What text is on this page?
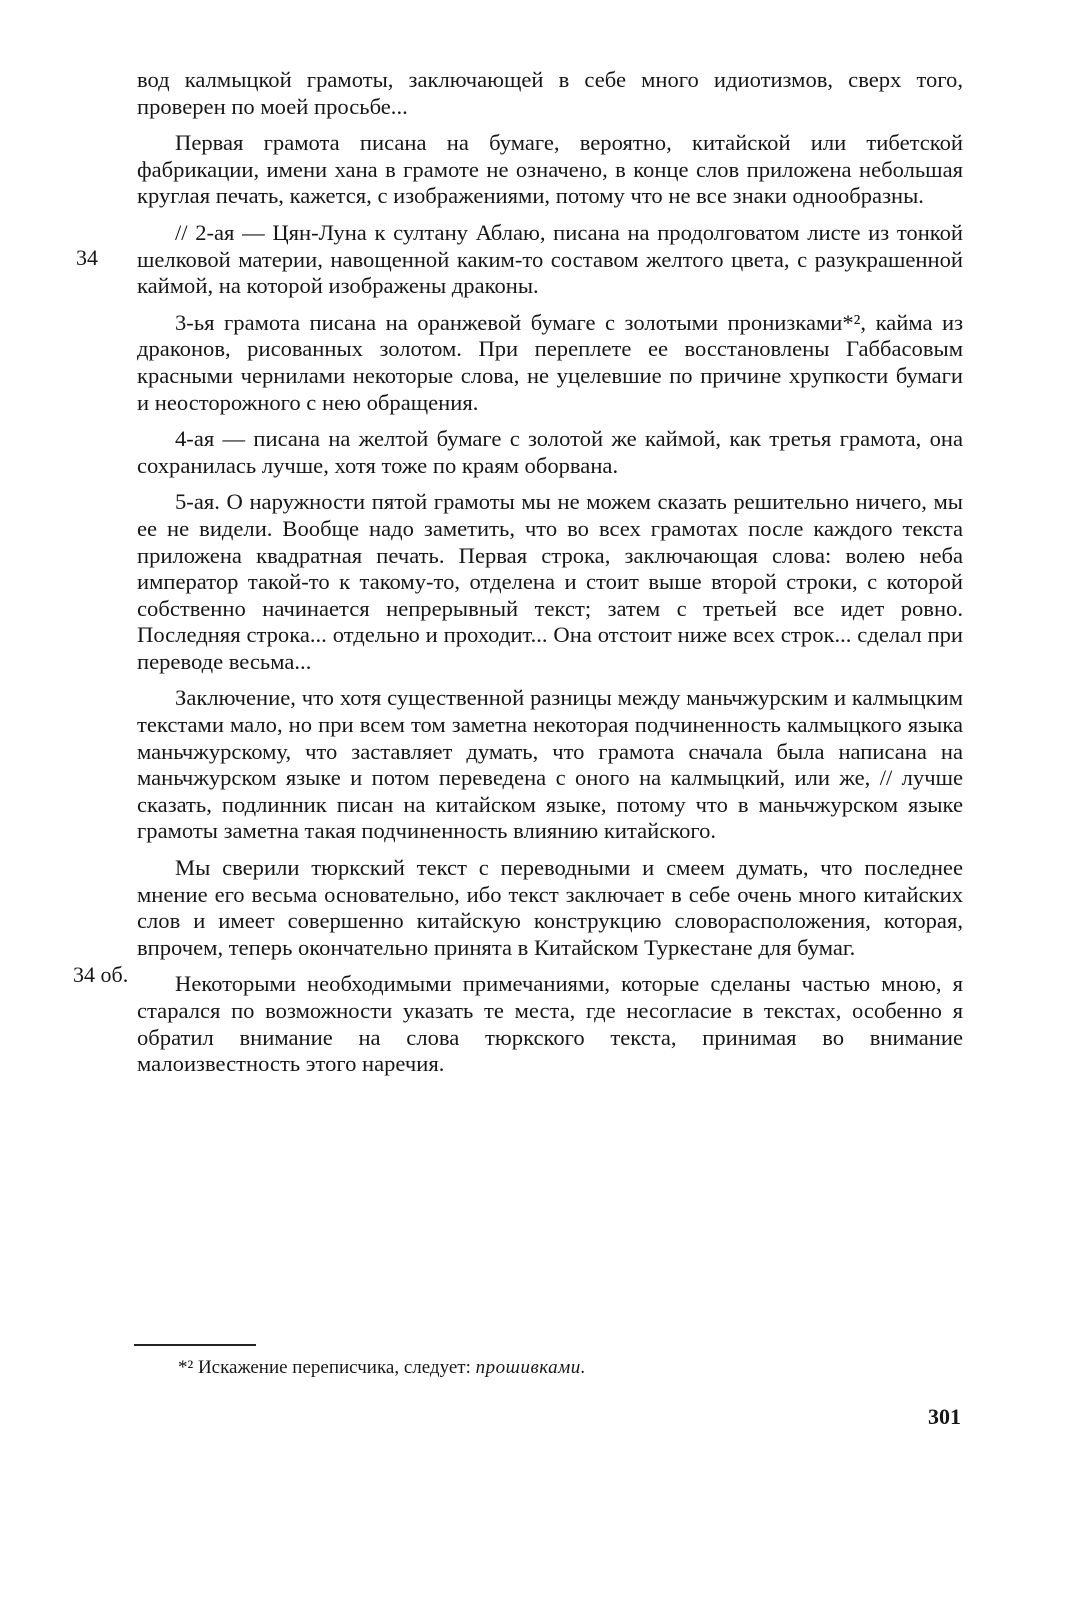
34
34 об.

вод калмыцкой грамоты, заключающей в себе много идиотизмов, сверх того, проверен по моей просьбе...

Первая грамота писана на бумаге, вероятно, китайской или тибетской фабрикации, имени хана в грамоте не означено, в конце слов приложена небольшая круглая печать, кажется, с изображениями, потому что не все знаки однообразны.

// 2-ая — Цян-Луна к султану Аблаю, писана на продолговатом листе из тонкой шелковой материи, навощенной каким-то составом желтого цвета, с разукрашенной каймой, на которой изображены драконы.

3-ья грамота писана на оранжевой бумаге с золотыми пронизками*², кайма из драконов, рисованных золотом. При переплете ее восстановлены Габбасовым красными чернилами некоторые слова, не уцелевшие по причине хрупкости бумаги и неосторожного с нею обращения.

4-ая — писана на желтой бумаге с золотой же каймой, как третья грамота, она сохранилась лучше, хотя тоже по краям оборвана.

5-ая. О наружности пятой грамоты мы не можем сказать решительно ничего, мы ее не видели. Вообще надо заметить, что во всех грамотах после каждого текста приложена квадратная печать. Первая строка, заключающая слова: волею неба император такой-то к такому-то, отделена и стоит выше второй строки, с которой собственно начинается непрерывный текст; затем с третьей все идет ровно. Последняя строка... отдельно и проходит... Она отстоит ниже всех строк... сделал при переводе весьма...

Заключение, что хотя существенной разницы между маньчжурским и калмыцким текстами мало, но при всем том заметна некоторая подчиненность калмыцкого языка маньчжурскому, что заставляет думать, что грамота сначала была написана на маньчжурском языке и потом переведена с оного на калмыцкий, или же, // лучше сказать, подлинник писан на китайском языке, потому что в маньчжурском языке грамоты заметна такая подчиненность влиянию китайского.

Мы сверили тюркский текст с переводными и смеем думать, что последнее мнение его весьма основательно, ибо текст заключает в себе очень много китайских слов и имеет совершенно китайскую конструкцию словорасположения, которая, впрочем, теперь окончательно принята в Китайском Туркестане для бумаг.

Некоторыми необходимыми примечаниями, которые сделаны частью мною, я старался по возможности указать те места, где несогласие в текстах, особенно я обратил внимание на слова тюркского текста, принимая во внимание малоизвестность этого наречия.

*² Искажение переписчика, следует: прошивками.
301
